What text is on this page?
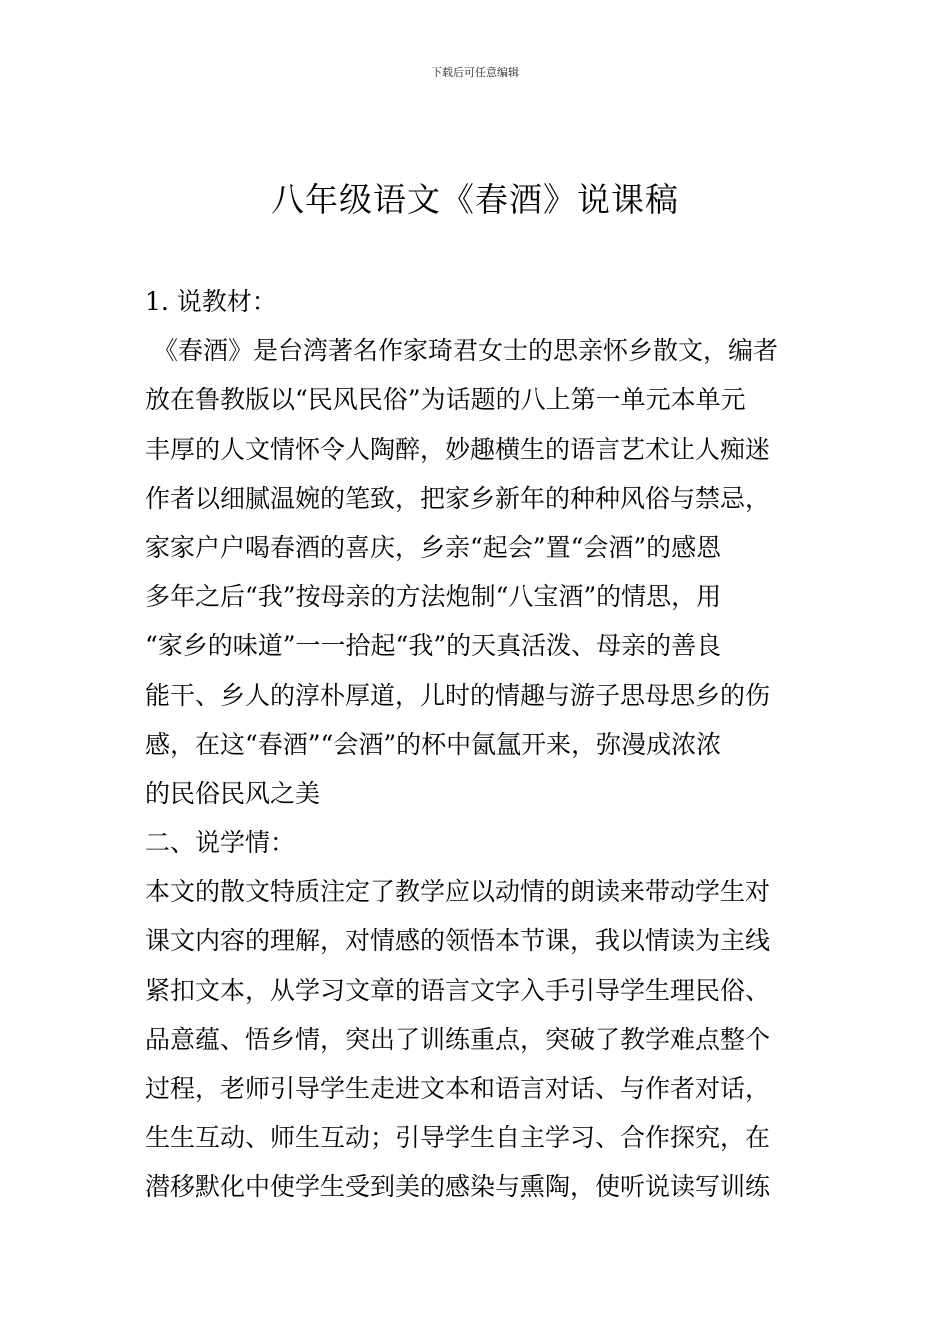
下载后可任意编辑
八年级语文《春酒》说课稿
1. 说教材：
《春酒》是台湾著名作家琦君女士的思亲怀乡散文，编者
放在鲁教版以“民风民俗”为话题的八上第一单元本单元
丰厚的人文情怀令人陶醉，妙趣横生的语言艺术让人痴迷
作者以细腻温婉的笔致，把家乡新年的种种风俗与禁忌，
家家户户喝春酒的喜庆，乡亲“起会”置“会酒”的感恩
多年之后“我”按母亲的方法炮制“八宝酒”的情思，用
“家乡的味道”一一拾起“我”的天真活泼、母亲的善良
能干、乡人的淳朴厚道，儿时的情趣与游子思母思乡的伤
感，在这“春酒”“会酒”的杯中氤氲开来，弥漫成浓浓
的民俗民风之美
二、说学情：
本文的散文特质注定了教学应以动情的朗读来带动学生对
课文内容的理解，对情感的领悟本节课，我以情读为主线
紧扣文本，从学习文章的语言文字入手引导学生理民俗、
品意蕴、悟乡情，突出了训练重点，突破了教学难点整个
过程，老师引导学生走进文本和语言对话、与作者对话，
生生互动、师生互动；引导学生自主学习、合作探究，在
潜移默化中使学生受到美的感染与熏陶，使听说读写训练
